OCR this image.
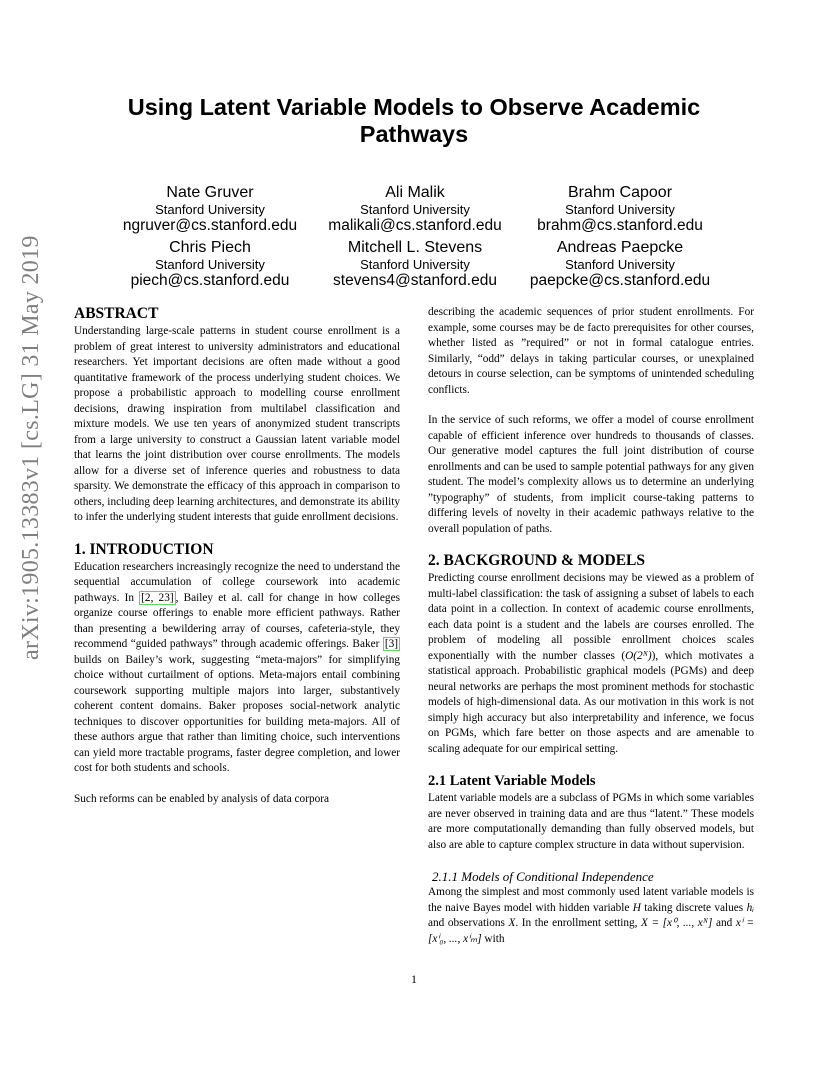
arXiv:1905.13383v1 [cs.LG] 31 May 2019
Using Latent Variable Models to Observe Academic
Pathways
Nate Gruver
Stanford University
ngruver@cs.stanford.edu
Ali Malik
Stanford University
malikali@cs.stanford.edu
Brahm Capoor
Stanford University
brahm@cs.stanford.edu
Chris Piech
Stanford University
piech@cs.stanford.edu
Mitchell L. Stevens
Stanford University
stevens4@stanford.edu
Andreas Paepcke
Stanford University
paepcke@cs.stanford.edu
ABSTRACT

Understanding large-scale patterns in student course enrollment is a problem of great interest to university administrators and educational researchers. Yet important decisions are often made without a good quantitative framework of the process underlying student choices. We propose a probabilistic approach to modelling course enrollment decisions, drawing inspiration from multilabel classification and mixture models. We use ten years of anonymized student transcripts from a large university to construct a Gaussian latent variable model that learns the joint distribution over course enrollments. The models allow for a diverse set of inference queries and robustness to data sparsity. We demonstrate the efficacy of this approach in comparison to others, including deep learning architectures, and demonstrate its ability to infer the underlying student interests that guide enrollment decisions.

1. INTRODUCTION

Education researchers increasingly recognize the need to understand the sequential accumulation of college coursework into academic pathways. In [2, 23] , Bailey et al. call for change in how colleges organize course offerings to enable more efficient pathways. Rather than presenting a bewildering array of courses, cafeteria-style, they recommend “guided pathways” through academic offerings. Baker [3] builds on Bailey’s work, suggesting “meta-majors” for simplifying choice without curtailment of options. Meta-majors entail combining coursework supporting multiple majors into larger, substantively coherent content domains. Baker proposes social-network analytic techniques to discover opportunities for building meta-majors. All of these authors argue that rather than limiting choice, such interventions can yield more tractable programs, faster degree completion, and lower cost for both students and schools.

Such reforms can be enabled by analysis of data corpora

describing the academic sequences of prior student enrollments. For example, some courses may be de facto prerequisites for other courses, whether listed as ”required” or not in formal catalogue entries. Similarly, “odd” delays in taking particular courses, or unexplained detours in course selection, can be symptoms of unintended scheduling conflicts.

In the service of such reforms, we offer a model of course enrollment capable of efficient inference over hundreds to thousands of classes. Our generative model captures the full joint distribution of course enrollments and can be used to sample potential pathways for any given student. The model’s complexity allows us to determine an underlying ”typography” of students, from implicit course-taking patterns to differing levels of novelty in their academic pathways relative to the overall population of paths.

2. BACKGROUND & MODELS

Predicting course enrollment decisions may be viewed as a problem of multi-label classification: the task of assigning a subset of labels to each data point in a collection. In context of academic course enrollments, each data point is a student and the labels are courses enrolled. The problem of modeling all possible enrollment choices scales exponentially with the number classes (O(2ᴺ)), which motivates a statistical approach. Probabilistic graphical models (PGMs) and deep neural networks are perhaps the most prominent methods for stochastic models of high-dimensional data. As our motivation in this work is not simply high accuracy but also interpretability and inference, we focus on PGMs, which fare better on those aspects and are amenable to scaling adequate for our empirical setting.

2.1 Latent Variable Models

Latent variable models are a subclass of PGMs in which some variables are never observed in training data and are thus “latent.” These models are more computationally demanding than fully observed models, but also are able to capture complex structure in data without supervision.

2.1.1 Models of Conditional Independence

Among the simplest and most commonly used latent variable models is the naive Bayes model with hidden variable H taking discrete values hᵢ and observations X. In the enrollment setting, X = [x⁰, ..., xᴺ] and xⁱ = [xⁱ₀, ..., xⁱₘ] with

1
